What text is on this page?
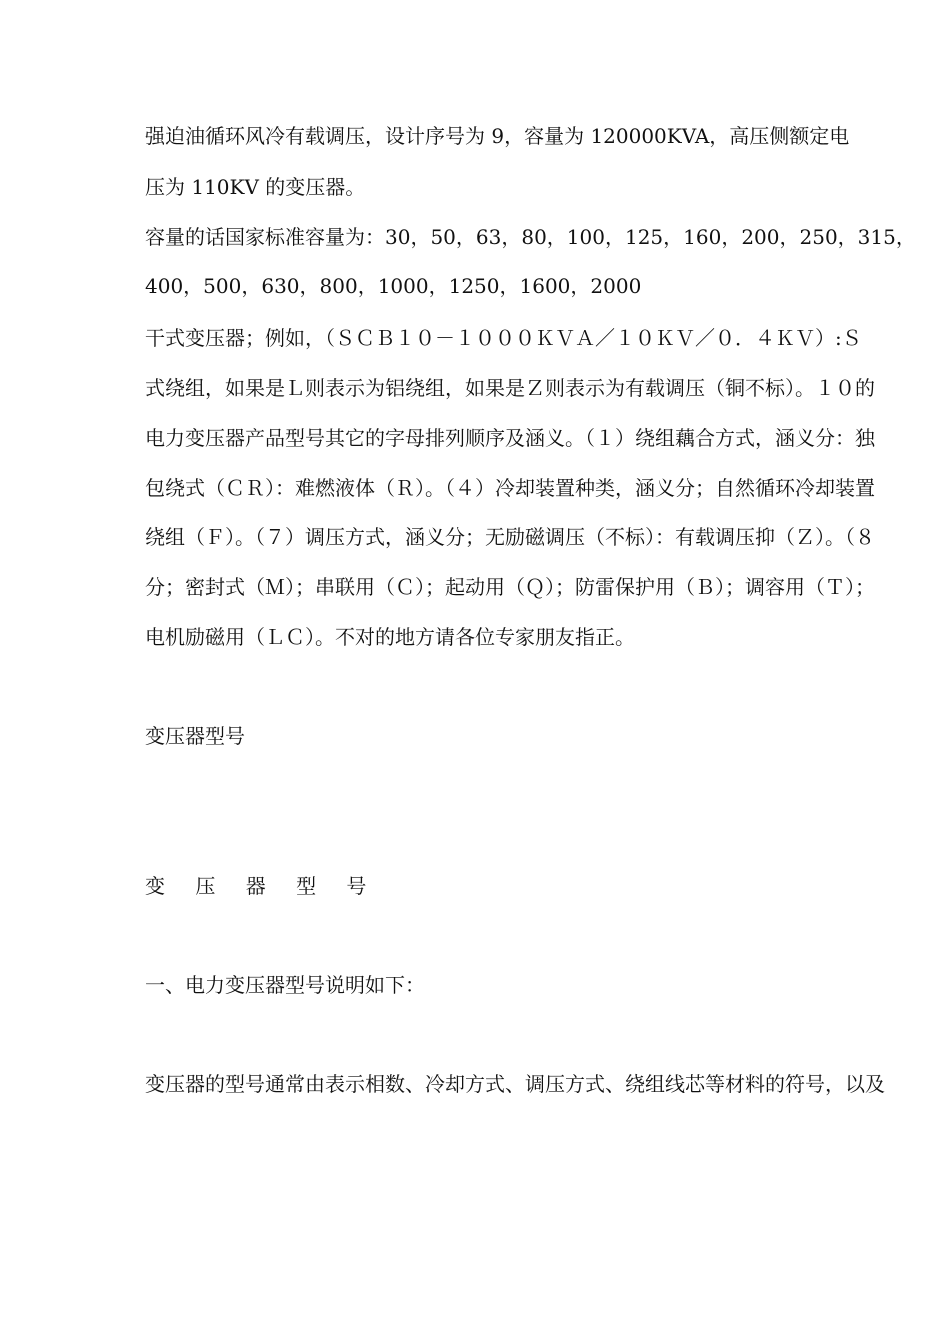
强迫油循环风冷有载调压，设计序号为 9，容量为 120000KVA，高压侧额定电
压为 110KV 的变压器。
容量的话国家标准容量为：30，50，63，80，100，125，160，200，250，315，
400，500，630，800，1000，1250，1600，2000
干式变压器；例如，（ＳＣＢ１０－１０００ＫＶＡ／１０ＫＶ／０．４ＫＶ）:Ｓ
式绕组，如果是Ｌ则表示为铝绕组，如果是Ｚ则表示为有载调压（铜不标）。１０的
电力变压器产品型号其它的字母排列顺序及涵义。（１）绕组藕合方式，涵义分：独
包绕式（ＣＲ）：难燃液体（Ｒ）。（４）冷却装置种类，涵义分；自然循环冷却装置
绕组（Ｆ）。（７）调压方式，涵义分；无励磁调压（不标）：有载调压抑（Ｚ）。（８
分；密封式（Ｍ）；串联用（Ｃ）；起动用（Ｑ）；防雷保护用（Ｂ）；调容用（Ｔ）；
电机励磁用（ＬＣ）。不对的地方请各位专家朋友指正。
变压器型号
变 压 器 型 号
一、电力变压器型号说明如下：
变压器的型号通常由表示相数、冷却方式、调压方式、绕组线芯等材料的符号，以及
